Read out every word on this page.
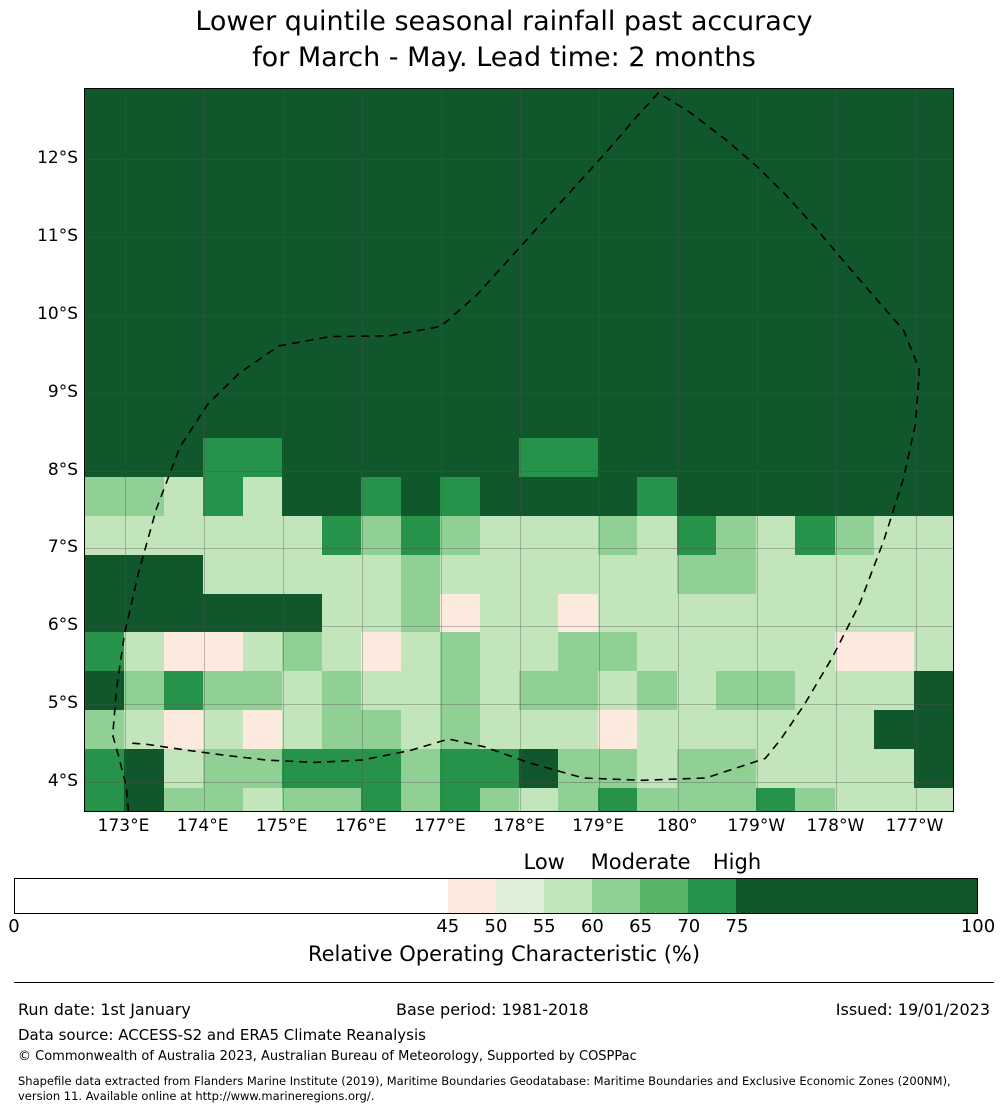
Lower quintile seasonal rainfall past accuracy
for March - May. Lead time: 2 months
4°S
5°S
6°S
7°S
8°S
9°S
10°S
11°S
12°S
173°E 174°E 175°E 176°E 177°E 178°E 179°E 180° 179°W 178°W 177°W
Low Moderate High
0	45 50 55 60 65 70 75	100
Relative Operating Characteristic (%)
Run date: 1st January	Base period: 1981-2018	Issued: 19/01/2023
Data source: ACCESS-S2 and ERA5 Climate Reanalysis
© Commonwealth of Australia 2023, Australian Bureau of Meteorology, Supported by COSPPac
Shapefile data extracted from Flanders Marine Institute (2019), Maritime Boundaries Geodatabase: Maritime Boundaries and Exclusive Economic Zones (200NM), version 11. Available online at http://www.marineregions.org/.
